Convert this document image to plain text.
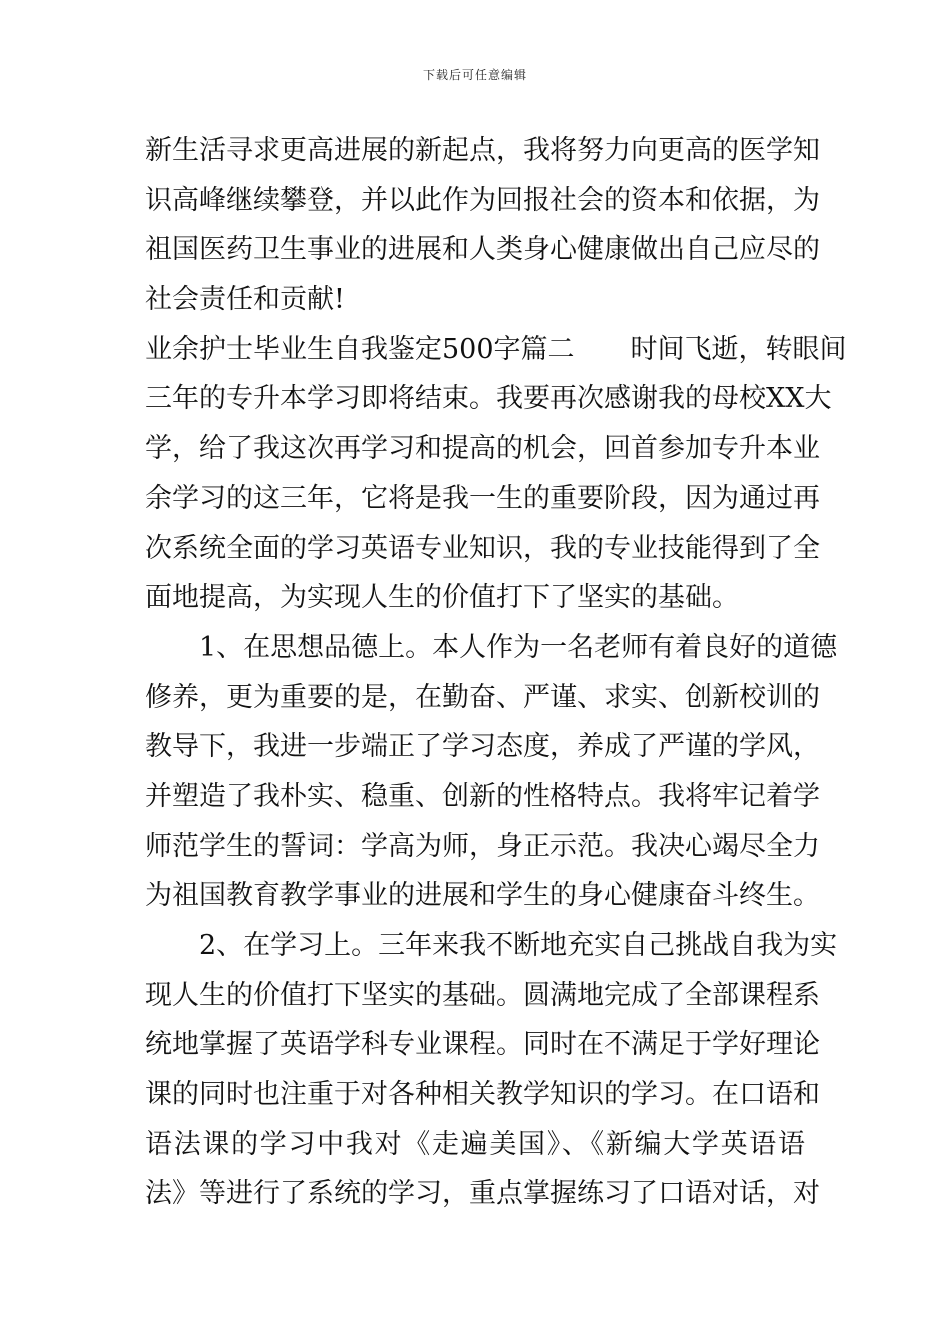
下载后可任意编辑
新生活寻求更高进展的新起点，我将努力向更高的医学知
识高峰继续攀登，并以此作为回报社会的资本和依据，为
祖国医药卫生事业的进展和人类身心健康做出自己应尽的
社会责任和贡献!
业余护士毕业生自我鉴定500字篇二 时间飞逝，转眼间
三年的专升本学习即将结束。我要再次感谢我的母校XX大
学，给了我这次再学习和提高的机会，回首参加专升本业
余学习的这三年，它将是我一生的重要阶段，因为通过再
次系统全面的学习英语专业知识，我的专业技能得到了全
面地提高，为实现人生的价值打下了坚实的基础。
1、在思想品德上。本人作为一名老师有着良好的道德
修养，更为重要的是，在勤奋、严谨、求实、创新校训的
教导下，我进一步端正了学习态度，养成了严谨的学风，
并塑造了我朴实、稳重、创新的性格特点。我将牢记着学
师范学生的誓词：学高为师，身正示范。我决心竭尽全力
为祖国教育教学事业的进展和学生的身心健康奋斗终生。
2、在学习上。三年来我不断地充实自己挑战自我为实
现人生的价值打下坚实的基础。圆满地完成了全部课程系
统地掌握了英语学科专业课程。同时在不满足于学好理论
课的同时也注重于对各种相关教学知识的学习。在口语和
语法课的学习中我对《走遍美国》、《新编大学英语语
法》等进行了系统的学习，重点掌握练习了口语对话，对
